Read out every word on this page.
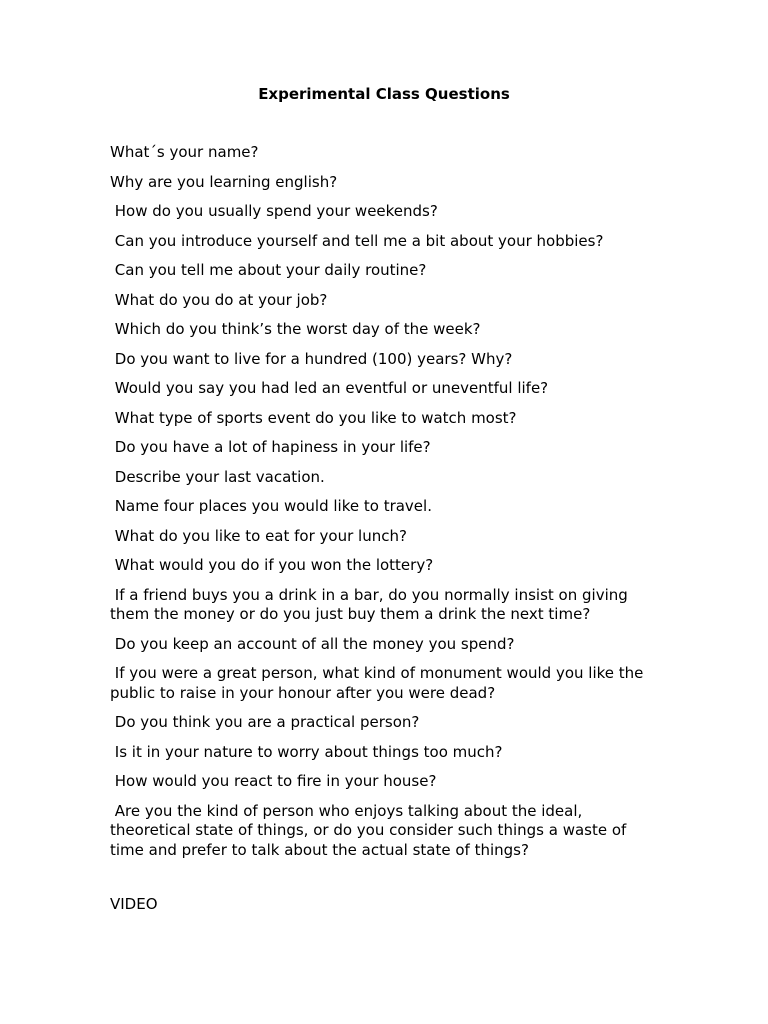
Experimental Class Questions

What´s your name?

Why are you learning english?

How do you usually spend your weekends?

Can you introduce yourself and tell me a bit about your hobbies?

Can you tell me about your daily routine?

What do you do at your job?

Which do you think’s the worst day of the week?

Do you want to live for a hundred (100) years? Why?

Would you say you had led an eventful or uneventful life?

What type of sports event do you like to watch most?

Do you have a lot of hapiness in your life?

Describe your last vacation.

Name four places you would like to travel.

What do you like to eat for your lunch?

What would you do if you won the lottery?

If a friend buys you a drink in a bar, do you normally insist on giving them the money or do you just buy them a drink the next time?

Do you keep an account of all the money you spend?

If you were a great person, what kind of monument would you like the public to raise in your honour after you were dead?

Do you think you are a practical person?

Is it in your nature to worry about things too much?

How would you react to fire in your house?

Are you the kind of person who enjoys talking about the ideal, theoretical state of things, or do you consider such things a waste of time and prefer to talk about the actual state of things?

VIDEO
